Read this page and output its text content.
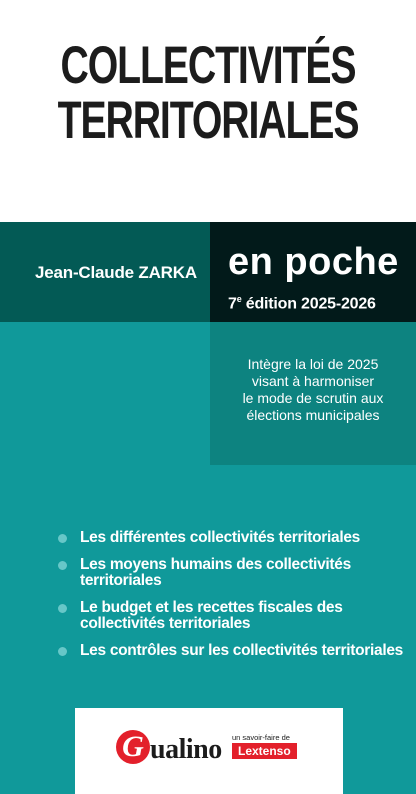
COLLECTIVITÉS
TERRITORIALES
Jean-Claude ZARKA en poche
7e édition 2025-2026
Intègre la loi de 2025
visant à harmoniser
le mode de scrutin aux
élections municipales
Les différentes collectivités territoriales
Les moyens humains des collectivités territoriales
Le budget et les recettes fiscales des collectivités territoriales
Les contrôles sur les collectivités territoriales
G ualino un savoir-faire de
Lextenso
